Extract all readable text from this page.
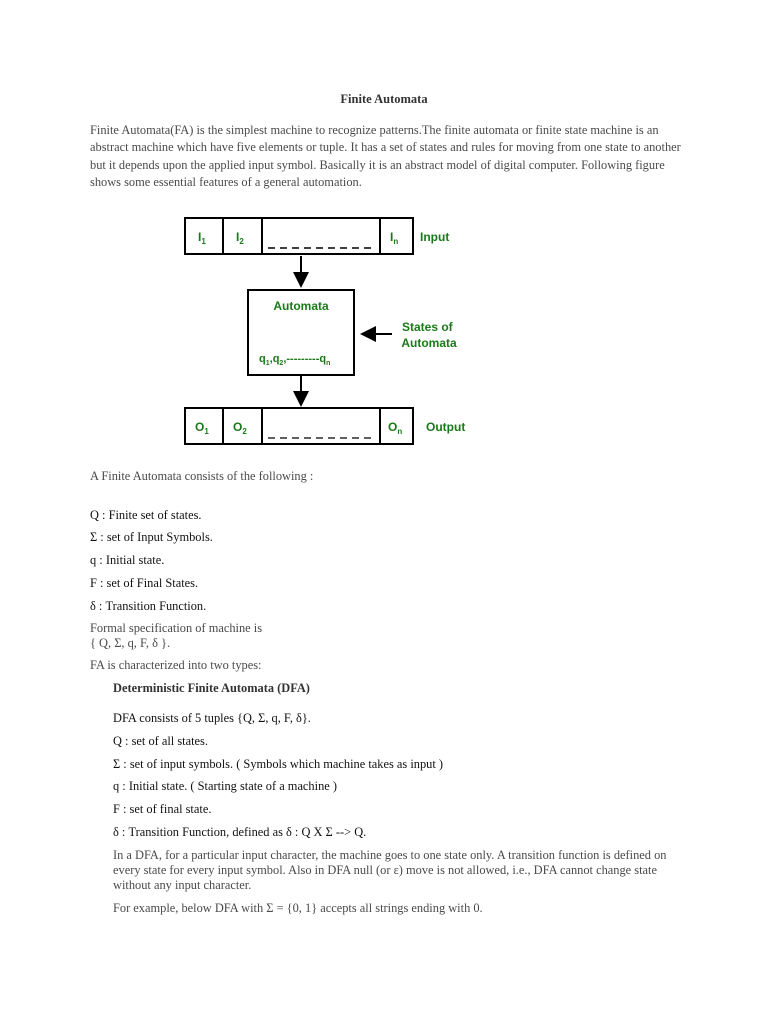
Finite Automata
Finite Automata(FA) is the simplest machine to recognize patterns.The finite automata or finite state machine is an abstract machine which have five elements or tuple. It has a set of states and rules for moving from one state to another but it depends upon the applied input symbol. Basically it is an abstract model of digital computer. Following figure shows some essential features of a general automation.
$I_1$	$I_2$	$I_n$ Input
Automata
$q_1,q_2,---------q_n$
States of Automata
$O_1$ $O_2$	$O_n$ Output
A Finite Automata consists of the following :
Q : Finite set of states.
Σ : set of Input Symbols.
q : Initial state.
F : set of Final States.
δ : Transition Function.
Formal specification of machine is
{ Q, Σ, q, F, δ }.
FA is characterized into two types:
Deterministic Finite Automata (DFA)
DFA consists of 5 tuples {Q, Σ, q, F, δ}.
Q : set of all states.
Σ : set of input symbols. ( Symbols which machine takes as input )
q : Initial state. ( Starting state of a machine )
F : set of final state.
δ : Transition Function, defined as δ : Q X Σ --> Q.
In a DFA, for a particular input character, the machine goes to one state only. A transition function is defined on every state for every input symbol. Also in DFA null (or ε) move is not allowed, i.e., DFA cannot change state without any input character.
For example, below DFA with Σ = {0, 1} accepts all strings ending with 0.
